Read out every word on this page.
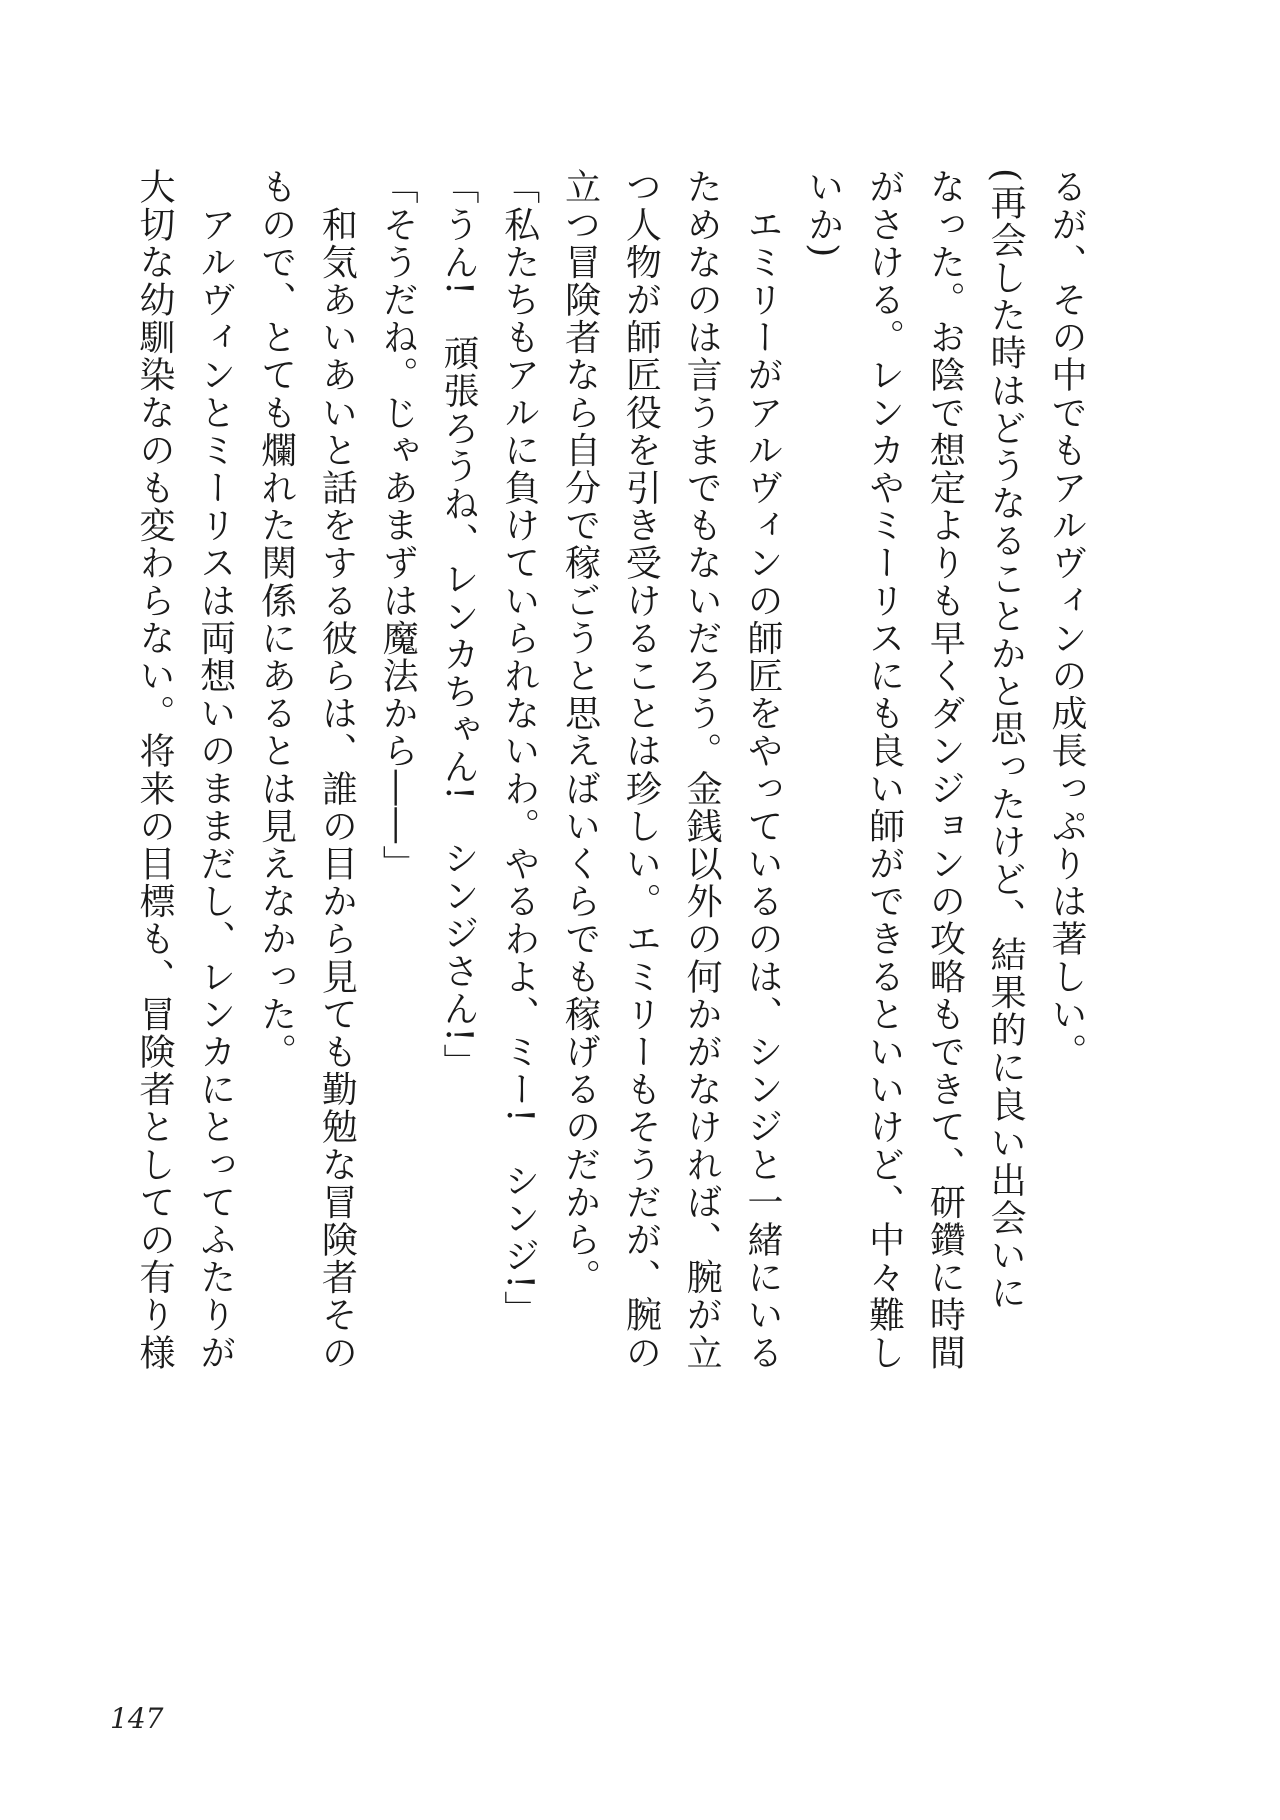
るが、その中でもアルヴィンの成長っぷりは著しい。
(再会した時はどうなることかと思ったけど、結果的に良い出会いに
なった。お陰で想定よりも早くダンジョンの攻略もできて、研鑽に時間
がさける。レンカやミーリスにも良い師ができるといいけど、中々難し
いか)
　エミリーがアルヴィンの師匠をやっているのは、シンジと一緒にいる
ためなのは言うまでもないだろう。金銭以外の何かがなければ、腕が立
つ人物が師匠役を引き受けることは珍しい。エミリーもそうだが、腕の
立つ冒険者なら自分で稼ごうと思えばいくらでも稼げるのだから。
「私たちもアルに負けていられないわ。やるわよ、ミー!　シンジ!」
「うん!　頑張ろうね、レンカちゃん!　シンジさん!」
「そうだね。じゃあまずは魔法から――」
　和気あいあいと話をする彼らは、誰の目から見ても勤勉な冒険者その
もので、とても爛れた関係にあるとは見えなかった。
　アルヴィンとミーリスは両想いのままだし、レンカにとってふたりが
大切な幼馴染なのも変わらない。将来の目標も、冒険者としての有り様
147
